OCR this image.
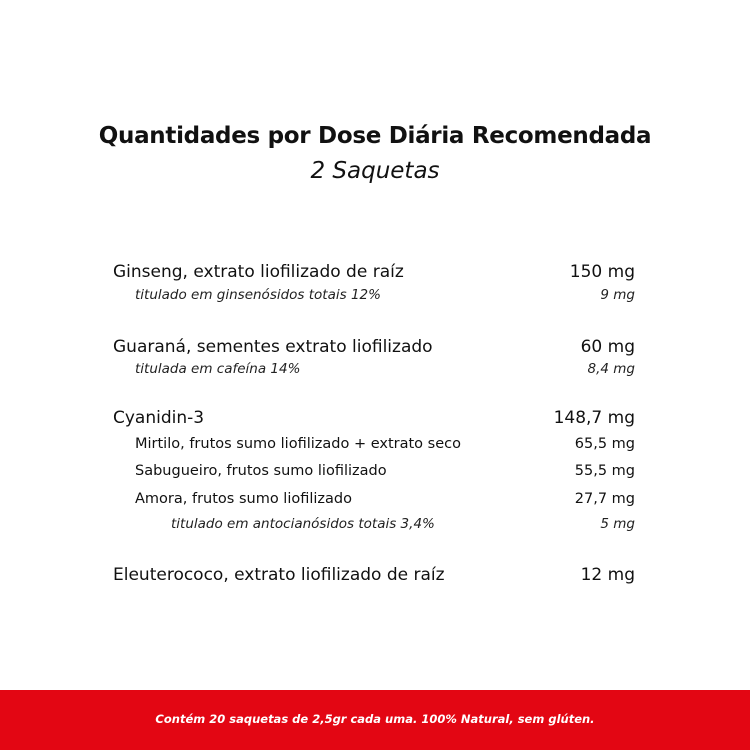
Quantidades por Dose Diária Recomendada
2 Saquetas
Ginseng, extrato liofilizado de raíz	150 mg
titulado em ginsenósidos totais 12%	9 mg
Guaraná, sementes extrato liofilizado	60 mg
titulada em cafeína 14%	8,4 mg
Cyanidin-3	148,7 mg
Mirtilo, frutos sumo liofilizado + extrato seco	65,5 mg
Sabugueiro, frutos sumo liofilizado	55,5 mg
Amora, frutos sumo liofilizado	27,7 mg
titulado em antocianósidos totais 3,4%	5 mg
Eleuterococo, extrato liofilizado de raíz	12 mg
Contém 20 saquetas de 2,5gr cada uma. 100% Natural, sem glúten.
